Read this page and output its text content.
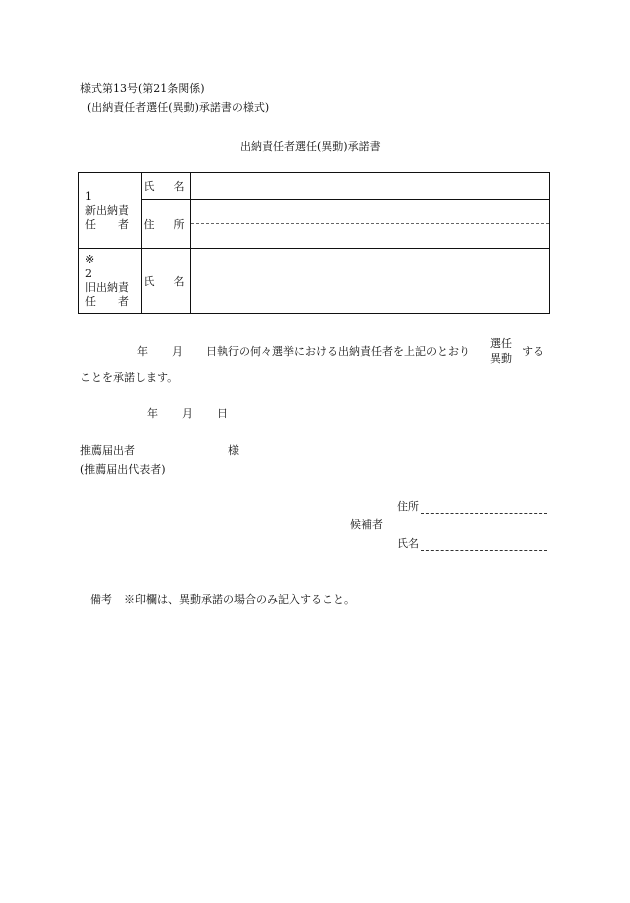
様式第13号(第21条関係)
(出納責任者選任(異動)承諾書の様式)
出納責任者選任(異動)承諾書
1
新出納責
任　　者	氏　名	
	住　所	

※
2
旧出納責
任　　者	氏　名	
年 月 日執行の何々選挙における出納責任者を上記のとおり
選任
異動
する
ことを承諾します。
年 月 日
推薦届出者	様
(推薦届出代表者)
住所
候補者
氏名
備考 ※印欄は、異動承諾の場合のみ記入すること。
